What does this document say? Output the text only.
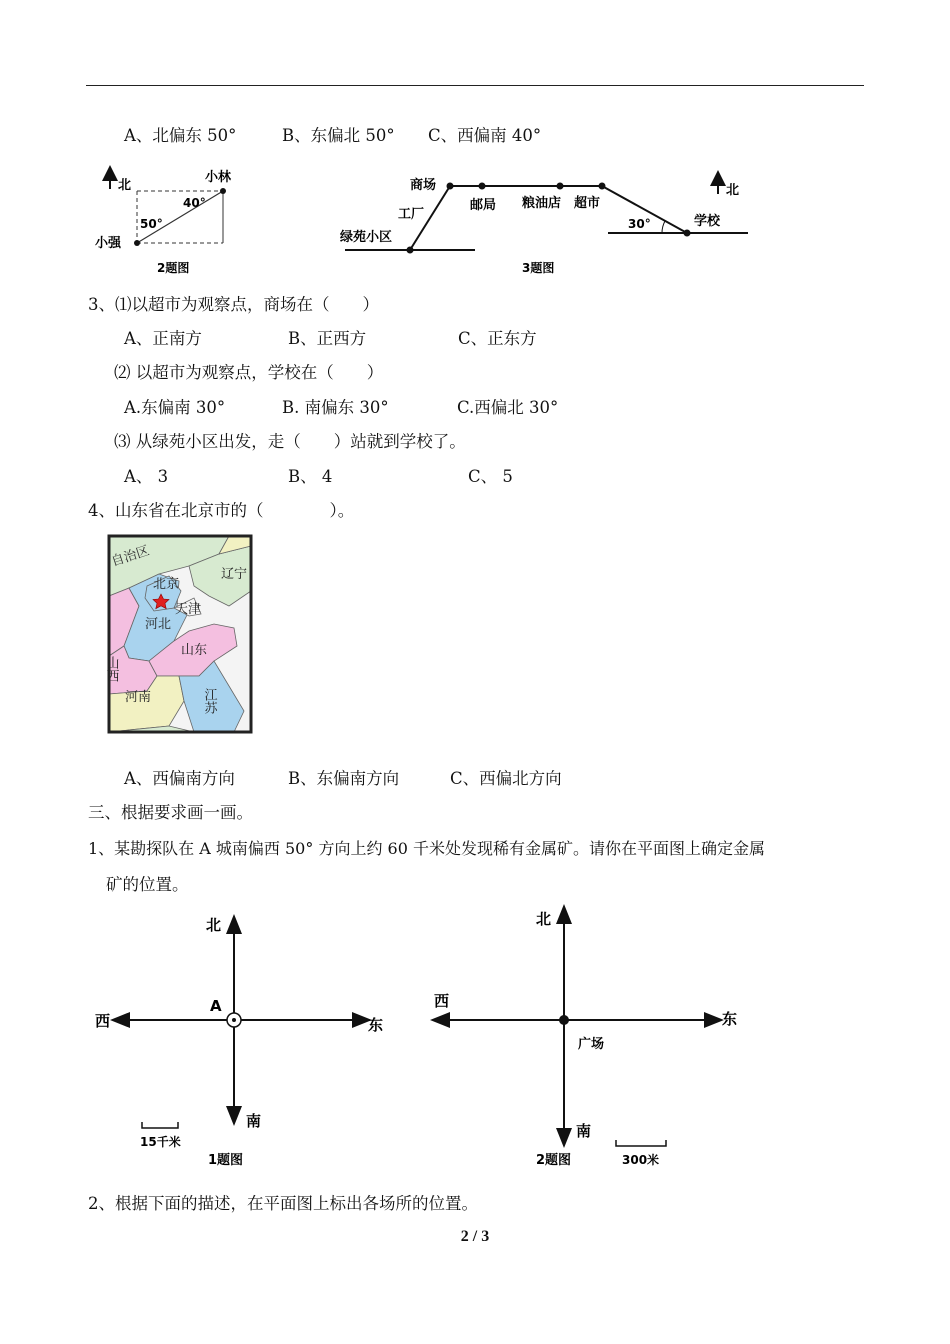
A、北偏东 50°	B、东偏北 50° C、西偏南 40°
北
小林
小强
40°
50°
2题图
北
商场
工厂
邮局 粮油店 超市
绿苑小区
学校
30°
3题图
3、⑴以超市为观察点，商场在（　　）
A、正南方	B、正西方	C、正东方
⑵ 以超市为观察点，学校在（　　）
A.东偏南 30°	B. 南偏东 30°	C.西偏北 30°
⑶ 从绿苑小区出发，走（　　）站就到学校了。
A、 3	B、 4	C、 5
4、山东省在北京市的（　　　　）。
自治区
北京
辽宁
天津
河北
山西
山东
河南	江苏
A、西偏南方向	B、东偏南方向	C、西偏北方向
三、根据要求画一画。
1、某勘探队在 A 城南偏西 50° 方向上约 60 千米处发现稀有金属矿。请你在平面图上确定金属
矿的位置。
北
南
西	东
A
15千米
1题图
北
南
西
东
广场
2题图	300米
2、根据下面的描述，在平面图上标出各场所的位置。
2 / 3
